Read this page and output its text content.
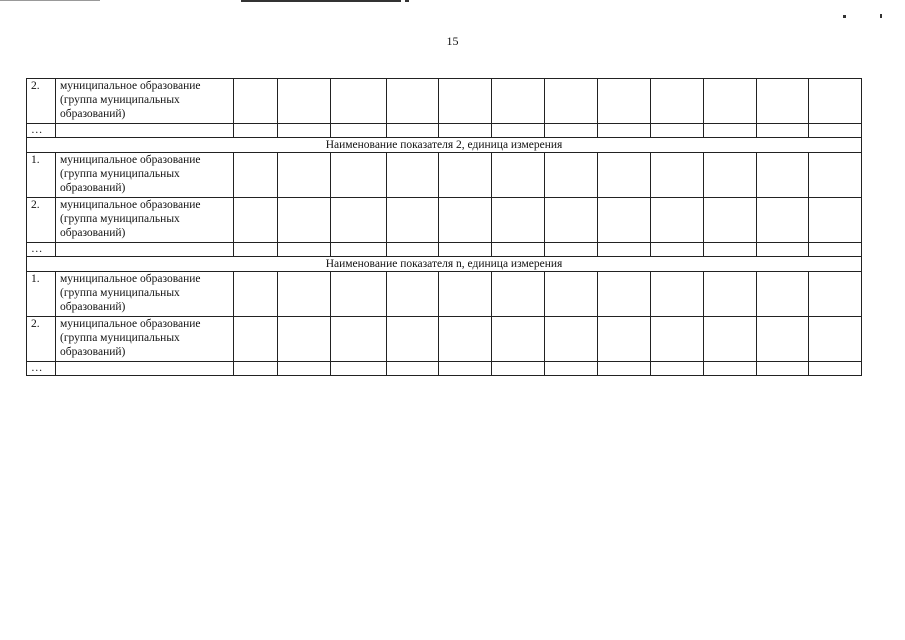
15
2.	муниципальное образование (группа муниципальных образований)												
…													
Наименование показателя 2, единица измерения													
1.	муниципальное образование (группа муниципальных образований)												
2.	муниципальное образование (группа муниципальных образований)												
…													
Наименование показателя n, единица измерения													
1.	муниципальное образование (группа муниципальных образований)												
2.	муниципальное образование (группа муниципальных образований)												
…													
